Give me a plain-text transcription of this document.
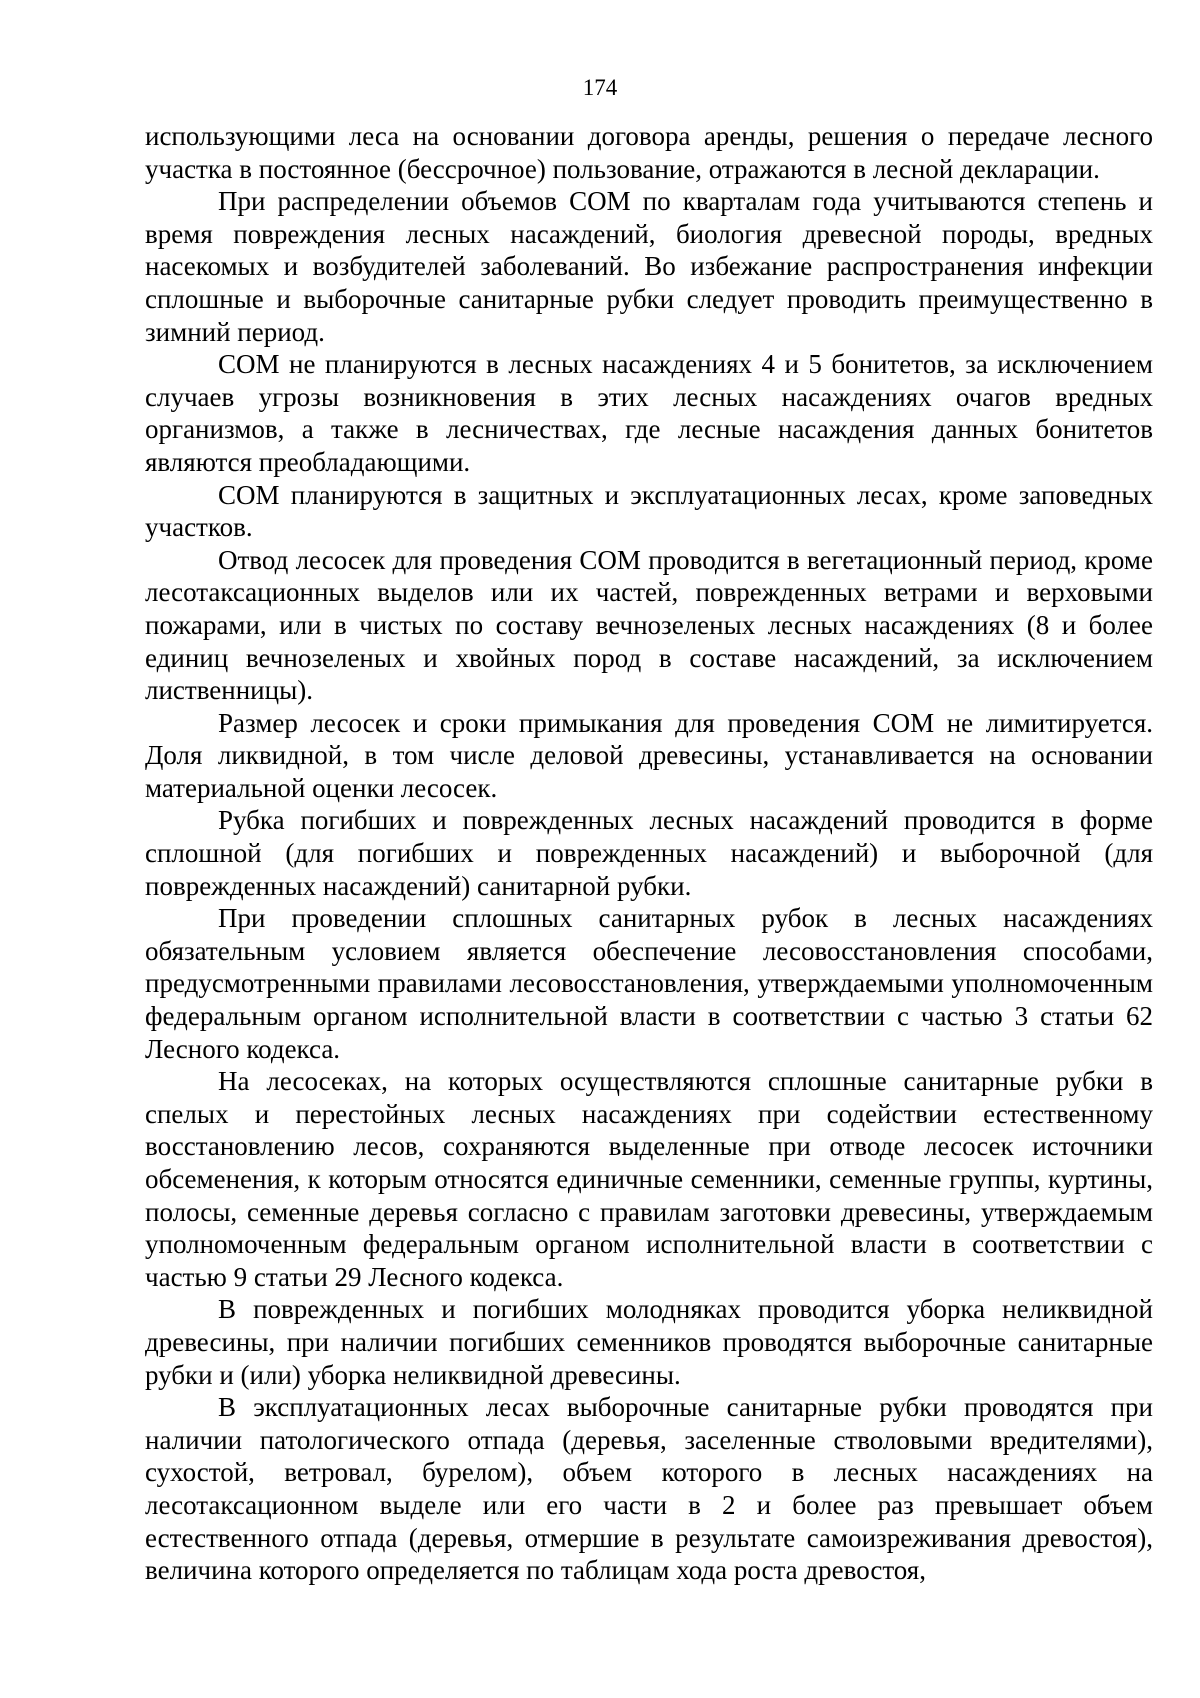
174

использующими леса на основании договора аренды, решения о передаче лесного участка в постоянное (бессрочное) пользование, отражаются в лесной декларации.

При распределении объемов СОМ по кварталам года учитываются степень и время повреждения лесных насаждений, биология древесной породы, вредных насекомых и возбудителей заболеваний. Во избежание распространения инфекции сплошные и выборочные санитарные рубки следует проводить преимущественно в зимний период.

СОМ не планируются в лесных насаждениях 4 и 5 бонитетов, за исключением случаев угрозы возникновения в этих лесных насаждениях очагов вредных организмов, а также в лесничествах, где лесные насаждения данных бонитетов являются преобладающими.

СОМ планируются в защитных и эксплуатационных лесах, кроме заповедных участков.

Отвод лесосек для проведения СОМ проводится в вегетационный период, кроме лесотаксационных выделов или их частей, поврежденных ветрами и верховыми пожарами, или в чистых по составу вечнозеленых лесных насаждениях (8 и более единиц вечнозеленых и хвойных пород в составе насаждений, за исключением лиственницы).

Размер лесосек и сроки примыкания для проведения СОМ не лимитируется. Доля ликвидной, в том числе деловой древесины, устанавливается на основании материальной оценки лесосек.

Рубка погибших и поврежденных лесных насаждений проводится в форме сплошной (для погибших и поврежденных насаждений) и выборочной (для поврежденных насаждений) санитарной рубки.

При проведении сплошных санитарных рубок в лесных насаждениях обязательным условием является обеспечение лесовосстановления способами, предусмотренными правилами лесовосстановления, утверждаемыми уполномоченным федеральным органом исполнительной власти в соответствии с частью 3 статьи 62 Лесного кодекса.

На лесосеках, на которых осуществляются сплошные санитарные рубки в спелых и перестойных лесных насаждениях при содействии естественному восстановлению лесов, сохраняются выделенные при отводе лесосек источники обсеменения, к которым относятся единичные семенники, семенные группы, куртины, полосы, семенные деревья согласно с правилам заготовки древесины, утверждаемым уполномоченным федеральным органом исполнительной власти в соответствии с частью 9 статьи 29 Лесного кодекса.

В поврежденных и погибших молодняках проводится уборка неликвидной древесины, при наличии погибших семенников проводятся выборочные санитарные рубки и (или) уборка неликвидной древесины.

В эксплуатационных лесах выборочные санитарные рубки проводятся при наличии патологического отпада (деревья, заселенные стволовыми вредителями), сухостой, ветровал, бурелом), объем которого в лесных насаждениях на лесотаксационном выделе или его части в 2 и более раз превышает объем естественного отпада (деревья, отмершие в результате самоизреживания древостоя), величина которого определяется по таблицам хода роста древостоя,
